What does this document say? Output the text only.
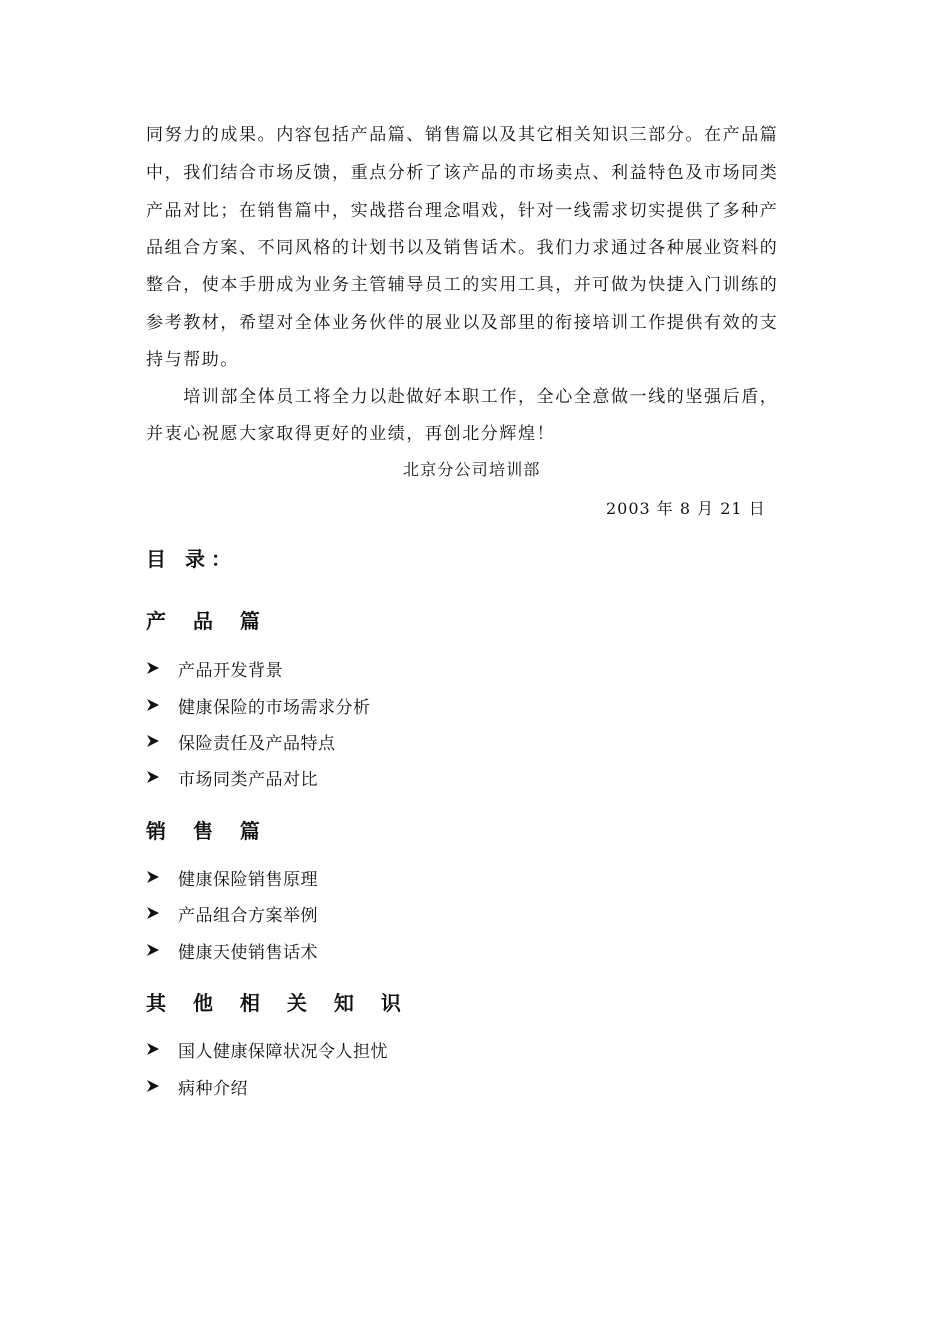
同努力的成果。内容包括产品篇、销售篇以及其它相关知识三部分。在产品篇
中，我们结合市场反馈，重点分析了该产品的市场卖点、利益特色及市场同类
产品对比；在销售篇中，实战搭台理念唱戏，针对一线需求切实提供了多种产
品组合方案、不同风格的计划书以及销售话术。我们力求通过各种展业资料的
整合，使本手册成为业务主管辅导员工的实用工具，并可做为快捷入门训练的
参考教材，希望对全体业务伙伴的展业以及部里的衔接培训工作提供有效的支
持与帮助。
　　培训部全体员工将全力以赴做好本职工作，全心全意做一线的坚强后盾，
并衷心祝愿大家取得更好的业绩，再创北分辉煌！
北京分公司培训部
2003 年 8 月 21 日
目 录：
产 品 篇
产品开发背景
健康保险的市场需求分析
保险责任及产品特点
市场同类产品对比
销 售 篇
健康保险销售原理
产品组合方案举例
健康天使销售话术
其 他 相 关 知 识
国人健康保障状况令人担忧
病种介绍
